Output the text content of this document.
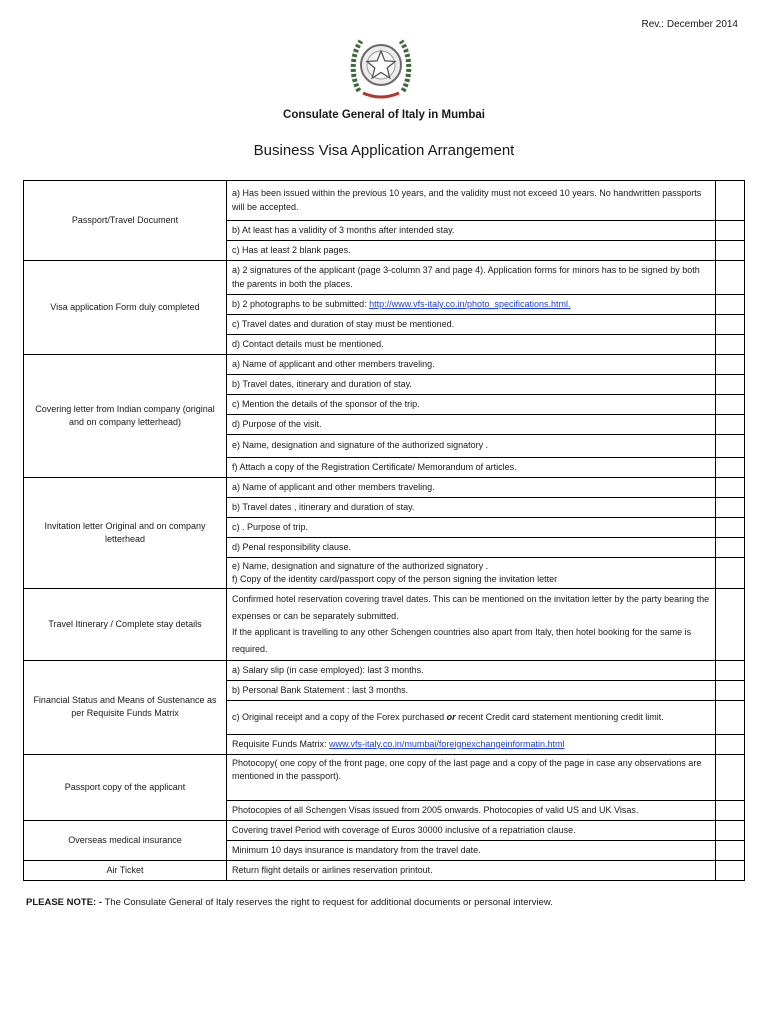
Rev.: December 2014
Consulate General of Italy in Mumbai
Business Visa Application Arrangement
Passport/Travel Document	a) Has been issued within the previous 10 years, and the validity must not exceed 10 years. No handwritten passports will be accepted.	
	b) At least has a validity of 3 months after intended stay.	
	c) Has at least 2 blank pages.	
Visa application Form duly completed	a) 2 signatures of the applicant (page 3-column 37 and page 4). Application forms for minors has to be signed by both the parents in both the places.	
	b) 2 photographs to be submitted: http://www.vfs-italy.co.in/photo_specifications.html.	
	c) Travel dates and duration of stay must be mentioned.	
	d) Contact details must be mentioned.	
Covering letter from Indian company (original and on company letterhead)	a) Name of applicant and other members traveling.	
	b) Travel dates, itinerary and duration of stay.	
	c) Mention the details of the sponsor of the trip.	
	d) Purpose of the visit.	
	e) Name, designation and signature of the authorized signatory .	
	f) Attach a copy of the Registration Certificate/ Memorandum of articles.	
Invitation letter Original and on company letterhead	a) Name of applicant and other members traveling.	
	b) Travel dates , itinerary and duration of stay.	
	c) . Purpose of trip.	
	d) Penal responsibility clause.	

	e) Name, designation and signature of the authorized signatory .
f) Copy of the identity card/passport copy of the person signing the invitation letter	

Travel Itinerary / Complete stay details	Confirmed hotel reservation covering travel dates. This can be mentioned on the invitation letter by the party bearing the expenses or can be separately submitted.
If the applicant is travelling to any other Schengen countries also apart from Italy, then hotel booking for the same is required.	

Financial Status and Means of Sustenance as per Requisite Funds Matrix	a) Salary slip (in case employed): last 3 months.	
	b) Personal Bank Statement : last 3 months.	
	c) Original receipt and a copy of the Forex purchased or recent Credit card statement mentioning credit limit.	
	Requisite Funds Matrix: www.vfs-italy.co.in/mumbai/foreignexchangeinformatin.html	
Passport copy of the applicant	Photocopy( one copy of the front page, one copy of the last page and a copy of the page in case any observations are mentioned in the passport).	
	Photocopies of all Schengen Visas issued from 2005 onwards. Photocopies of valid US and UK Visas.	
Overseas medical insurance	Covering travel Period with coverage of Euros 30000 inclusive of a repatriation clause.	
	Minimum 10 days insurance is mandatory from the travel date.	
Air Ticket	Return flight details or airlines reservation printout.	
PLEASE NOTE: - The Consulate General of Italy reserves the right to request for additional documents or personal interview.
